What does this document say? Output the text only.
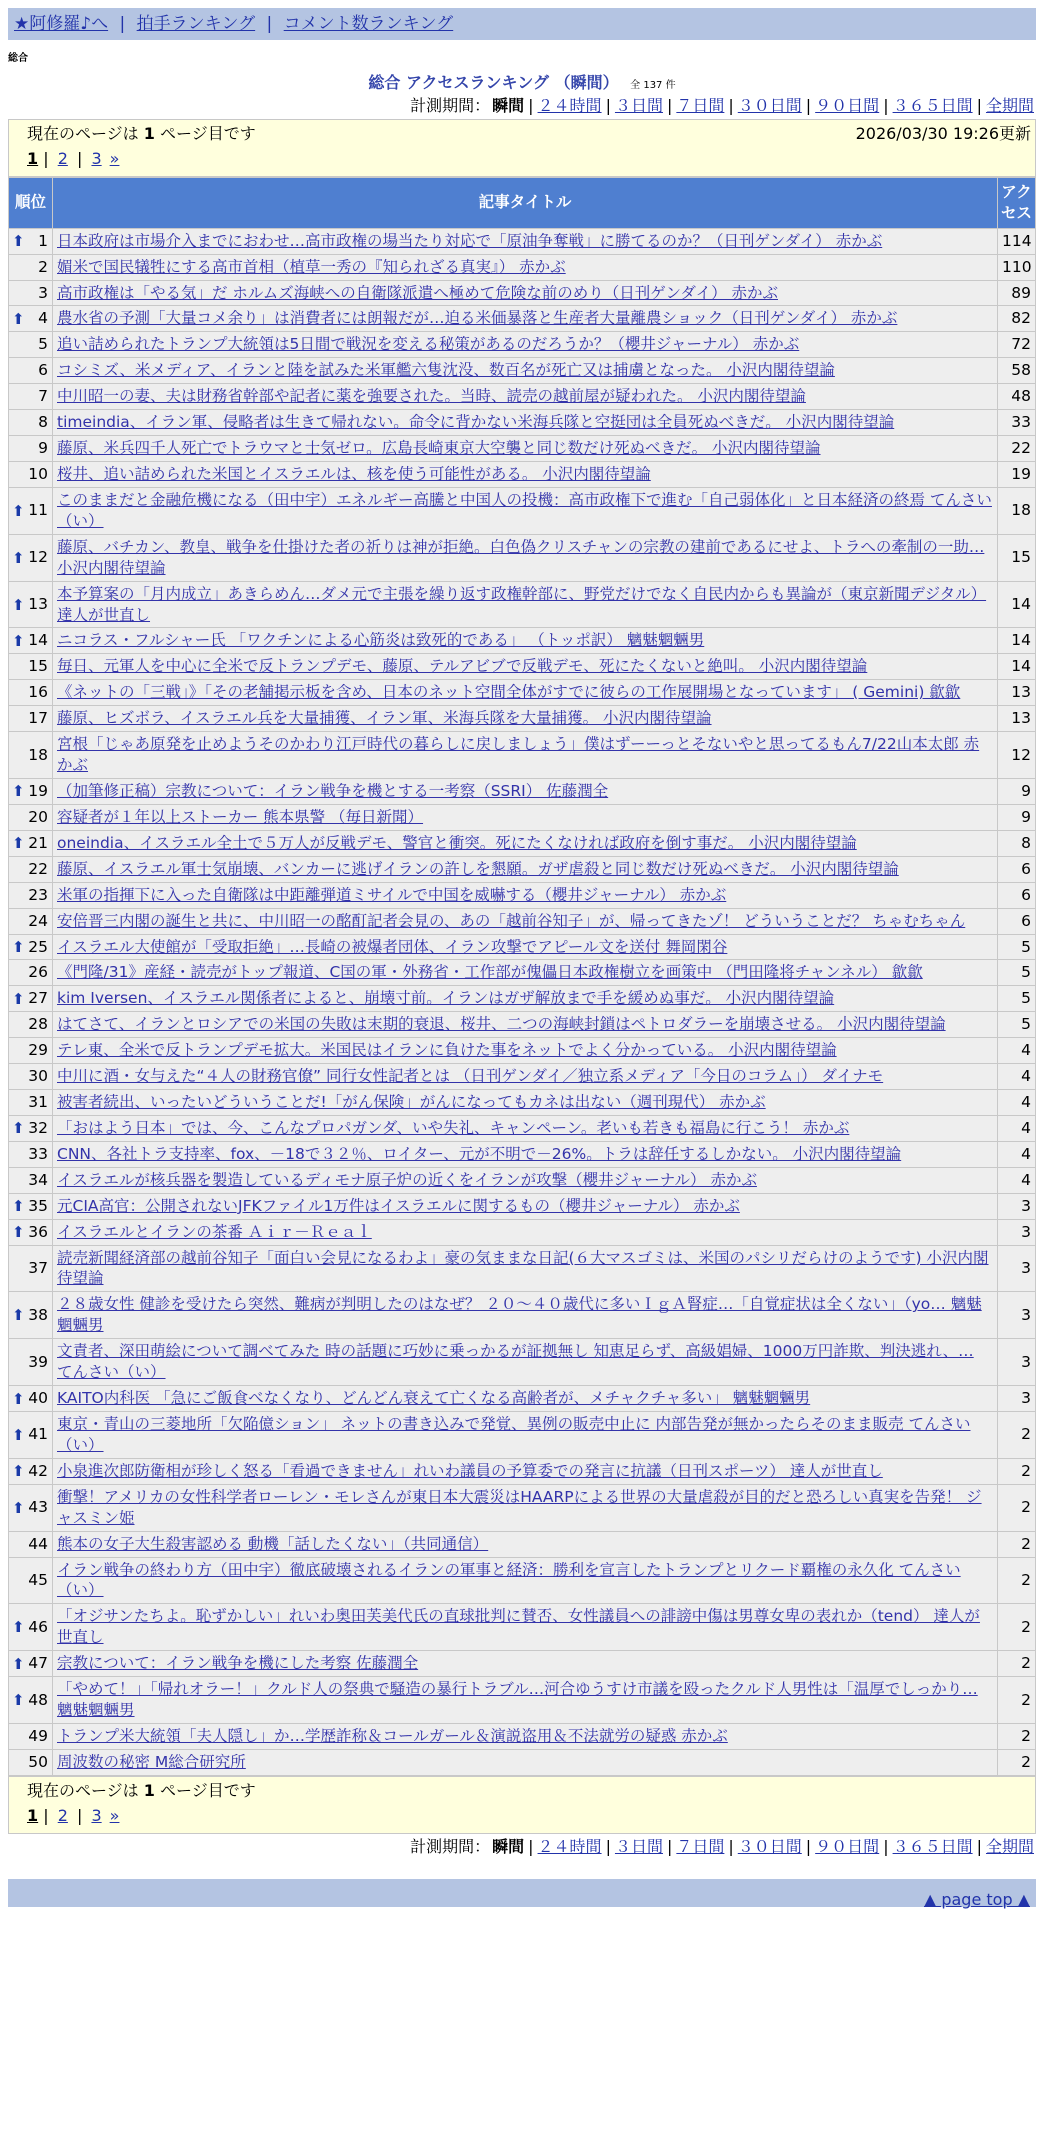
★阿修羅♪へ | 拍手ランキング | コメント数ランキング
総合
総合 アクセスランキング （瞬間） 全 137 件
計測期間： 瞬間 | ２４時間 | ３日間 | ７日間 | ３０日間 | ９０日間 | ３６５日間 | 全期間
現在のページは 1 ページ目です	2026/03/30 19:26更新
1 | 2 | 3 »
順位	記事タイトル	アクセス

⬆ 1	日本政府は市場介入までにおわせ…高市政権の場当たり対応で「原油争奪戦」に勝てるのか？（日刊ゲンダイ） 赤かぶ	114
2	媚米で国民犠牲にする高市首相（植草一秀の『知られざる真実』） 赤かぶ	110
3	高市政権は「やる気」だ ホルムズ海峡への自衛隊派遣へ極めて危険な前のめり（日刊ゲンダイ） 赤かぶ	89

⬆ 4	農水省の予測「大量コメ余り」は消費者には朗報だが…迫る米価暴落と生産者大量離農ショック（日刊ゲンダイ） 赤かぶ	82
5	追い詰められたトランプ大統領は5日間で戦況を変える秘策があるのだろうか？（櫻井ジャーナル） 赤かぶ	72
6	コシミズ、米メディア、イランと陸を試みた米軍艦六隻沈没、数百名が死亡又は捕虜となった。 小沢内閣待望論	58
7	中川昭一の妻、夫は財務省幹部や記者に薬を強要された。当時、読売の越前屋が疑われた。 小沢内閣待望論	48
8	timeindia、イラン軍、侵略者は生きて帰れない。命令に背かない米海兵隊と空挺団は全員死ぬべきだ。 小沢内閣待望論	33
9	藤原、米兵四千人死亡でトラウマと士気ゼロ。広島長崎東京大空襲と同じ数だけ死ぬべきだ。 小沢内閣待望論	22
10	桜井、追い詰められた米国とイスラエルは、核を使う可能性がある。 小沢内閣待望論	19

⬆ 11	このままだと金融危機になる（田中宇）エネルギー高騰と中国人の投機：高市政権下で進む「自己弱体化」と日本経済の終焉 てんさい（い）	18

⬆ 12	藤原、バチカン、教皇、戦争を仕掛けた者の祈りは神が拒絶。白色偽クリスチャンの宗教の建前であるにせよ、トラへの牽制の一助… 小沢内閣待望論	15

⬆ 13	本予算案の「月内成立」あきらめん…ダメ元で主張を繰り返す政権幹部に、野党だけでなく自民内からも異論が（東京新聞デジタル） 達人が世直し	14

⬆ 14	ニコラス・フルシャー氏 「ワクチンによる心筋炎は致死的である」 （トッポ訳） 魑魅魍魎男	14
15	毎日、元軍人を中心に全米で反トランプデモ、藤原、テルアビブで反戦デモ、死にたくないと絶叫。 小沢内閣待望論	14
16	《ネットの「三戦」》「その老舗掲示板を含め、日本のネット空間全体がすでに彼らの工作展開場となっています」 ( Gemini) 歙歙	13
17	藤原、ヒズボラ、イスラエル兵を大量捕獲、イラン軍、米海兵隊を大量捕獲。 小沢内閣待望論	13
18	宮根「じゃあ原発を止めようそのかわり江戸時代の暮らしに戻しましょう」僕はずーーっとそないやと思ってるもん7/22山本太郎 赤かぶ	12

⬆ 19	（加筆修正稿）宗教について：イラン戦争を機とする一考察（SSRI） 佐藤潤全	9
20	容疑者が１年以上ストーカー 熊本県警 （毎日新聞）	9

⬆ 21	oneindia、イスラエル全土で５万人が反戦デモ、警官と衝突。死にたくなければ政府を倒す事だ。 小沢内閣待望論	8
22	藤原、イスラエル軍士気崩壊、バンカーに逃げイランの許しを懇願。ガザ虐殺と同じ数だけ死ぬべきだ。 小沢内閣待望論	6
23	米軍の指揮下に入った自衛隊は中距離弾道ミサイルで中国を威嚇する（櫻井ジャーナル） 赤かぶ	6
24	安倍晋三内閣の誕生と共に、中川昭一の酩酊記者会見の、あの「越前谷知子」が、帰ってきたゾ！ どういうことだ？ ちゃむちゃん	6

⬆ 25	イスラエル大使館が「受取拒絶」…長崎の被爆者団体、イラン攻撃でアピール文を送付 舞岡閑谷	5
26	《門隆/31》産経・読売がトップ報道、C国の軍・外務省・工作部が傀儡日本政権樹立を画策中 （門田隆将チャンネル） 歙歙	5

⬆ 27	kim Iversen、イスラエル関係者によると、崩壊寸前。イランはガザ解放まで手を緩めぬ事だ。 小沢内閣待望論	5
28	はてさて、イランとロシアでの米国の失敗は末期的衰退、桜井、二つの海峡封鎖はペトロダラーを崩壊させる。 小沢内閣待望論	5
29	テレ東、全米で反トランプデモ拡大。米国民はイランに負けた事をネットでよく分かっている。 小沢内閣待望論	4
30	中川に酒・女与えた“４人の財務官僚” 同行女性記者とは （日刊ゲンダイ／独立系メディア「今日のコラム」） ダイナモ	4
31	被害者続出、いったいどういうことだ!「がん保険」がんになってもカネは出ない（週刊現代） 赤かぶ	4

⬆ 32	「おはよう日本」では、今、こんなプロパガンダ、いや失礼、キャンペーン。老いも若きも福島に行こう！ 赤かぶ	4
33	CNN、各社トラ支持率、fox、－18で３２％、ロイター、元が不明で－26%。トラは辞任するしかない。 小沢内閣待望論	4
34	イスラエルが核兵器を製造しているディモナ原子炉の近くをイランが攻撃（櫻井ジャーナル） 赤かぶ	4

⬆ 35	元CIA高官：公開されないJFKファイル1万件はイスラエルに関するもの（櫻井ジャーナル） 赤かぶ	3

⬆ 36	イスラエルとイランの茶番 Ａｉｒ－Ｒｅａｌ	3
37	読売新聞経済部の越前谷知子「面白い会見になるわよ」豪の気ままな日記(６大マスゴミは、米国のパシリだらけのようです) 小沢内閣待望論	3

⬆ 38	２８歳女性 健診を受けたら突然、難病が判明したのはなぜ？ ２０～４０歳代に多いＩｇＡ腎症…「自覚症状は全くない」（yo… 魑魅魍魎男	3
39	文責者、深田萌絵について調べてみた 時の話題に巧妙に乗っかるが証拠無し 知恵足らず、高級娼婦、1000万円詐欺、判決逃れ、… てんさい（い）	3

⬆ 40	KAITO内科医 「急にご飯食べなくなり、どんどん衰えて亡くなる高齢者が、メチャクチャ多い」 魑魅魍魎男	3

⬆ 41	東京・青山の三菱地所「欠陥億ション」 ネットの書き込みで発覚、異例の販売中止に 内部告発が無かったらそのまま販売 てんさい（い）	2

⬆ 42	小泉進次郎防衛相が珍しく怒る「看過できません」れいわ議員の予算委での発言に抗議（日刊スポーツ） 達人が世直し	2

⬆ 43	衝撃！アメリカの女性科学者ローレン・モレさんが東日本大震災はHAARPによる世界の大量虐殺が目的だと恐ろしい真実を告発！ ジャスミン姫	2
44	熊本の女子大生殺害認める 動機「話したくない」（共同通信）	2
45	イラン戦争の終わり方（田中宇）徹底破壊されるイランの軍事と経済：勝利を宣言したトランプとリクード覇権の永久化 てんさい（い）	2

⬆ 46	「オジサンたちよ。恥ずかしい」れいわ奥田芙美代氏の直球批判に賛否、女性議員への誹謗中傷は男尊女卑の表れか（tend） 達人が世直し	2

⬆ 47	宗教について：イラン戦争を機にした考察 佐藤潤全	2

⬆ 48	「やめて！」「帰れオラー！」クルド人の祭典で騒造の暴行トラブル…河合ゆうすけ市議を殴ったクルド人男性は「温厚でしっかり… 魑魅魍魎男	2
49	トランプ米大統領「夫人隠し」か…学歴詐称＆コールガール＆演説盗用＆不法就労の疑惑 赤かぶ	2
50	周波数の秘密 M総合研究所	2
現在のページは 1 ページ目です
1 | 2 | 3 »
計測期間： 瞬間 | ２４時間 | ３日間 | ７日間 | ３０日間 | ９０日間 | ３６５日間 | 全期間
▲ page top ▲
